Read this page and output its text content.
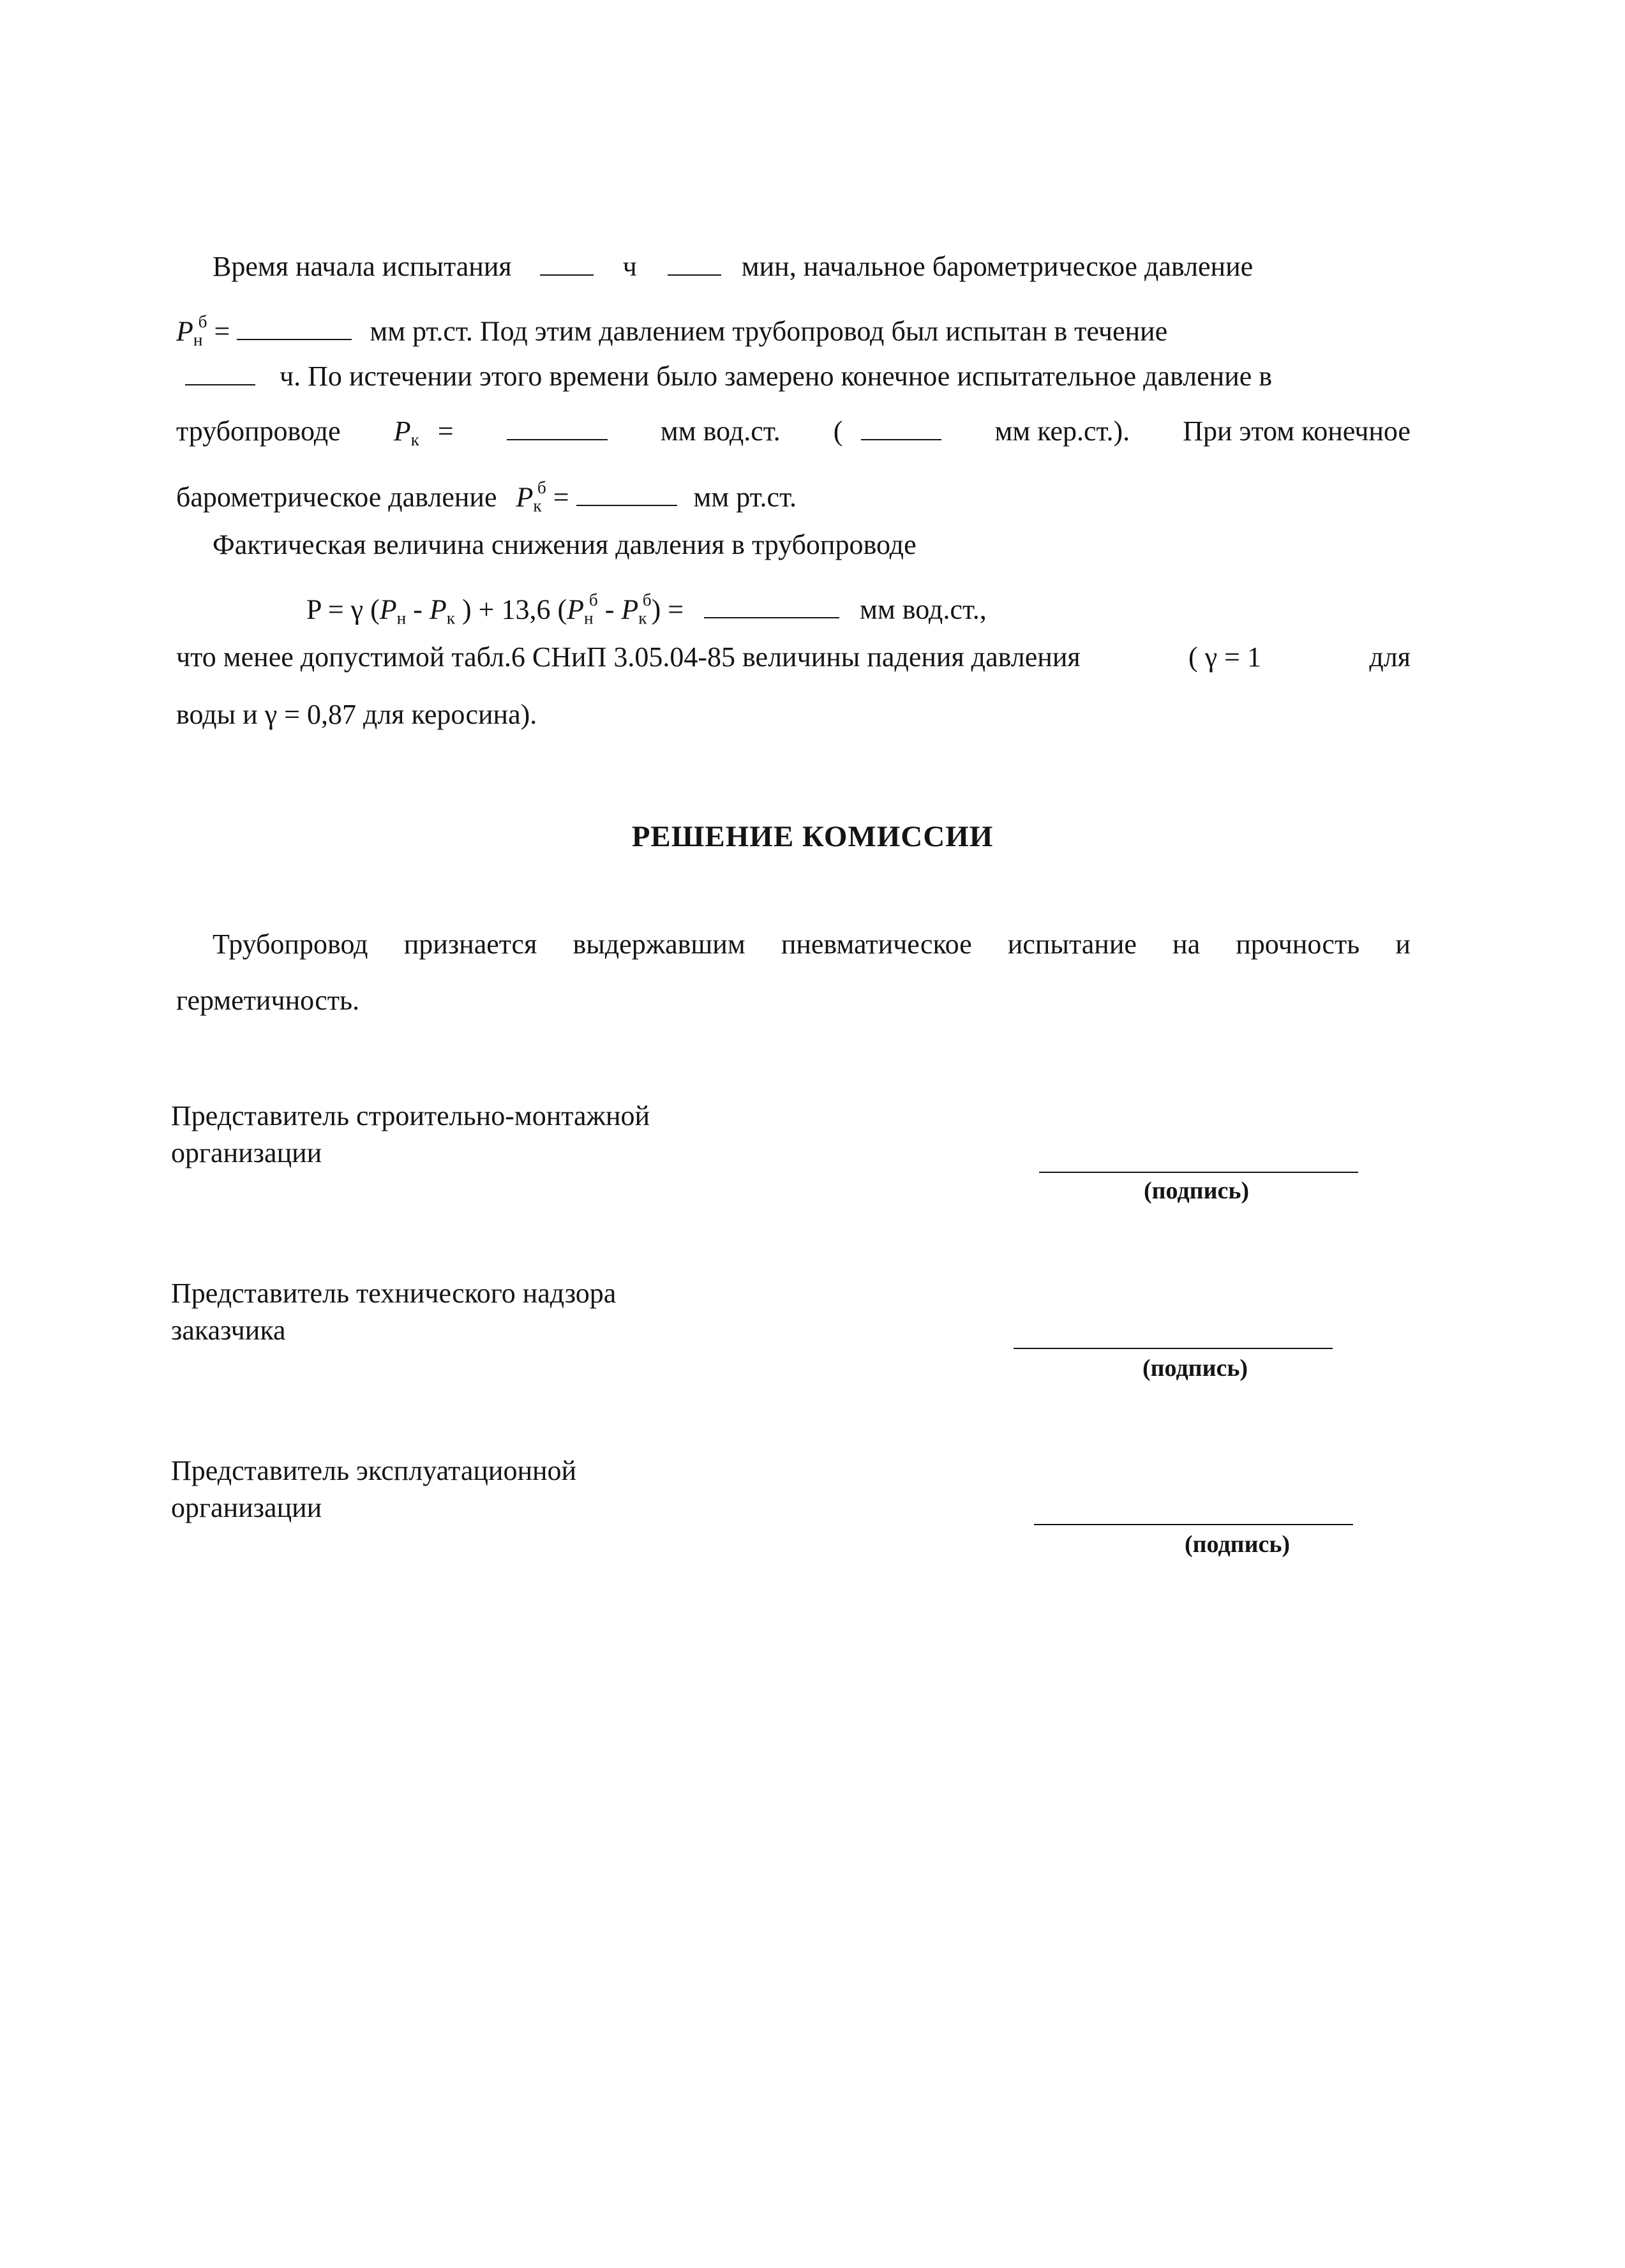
Время начала испытания	ч	мин, начальное барометрическое давление
$P_н^б$ =	мм рт.ст. Под этим давлением трубопровод был испытан в течение
ч. По истечении этого времени было замерено конечное испытательное давление в
трубопроводе $P_к$ =	мм вод.ст. (	мм кер.ст.). При этом конечное
барометрическое давление $P_к^б$ =	мм рт.ст.
Фактическая величина снижения давления в трубопроводе
P = γ ($P_н - P_к$ ) + 13,6 $(P_н^б - P_к^б)$ =	мм вод.ст.,
что менее допустимой табл.6 СНиП 3.05.04-85 величины падения давления	( γ = 1	для
воды и γ = 0,87 для керосина).
РЕШЕНИЕ КОМИССИИ
Трубопровод признается выдержавшим пневматическое испытание на прочность и
герметичность.
Представитель строительно-монтажной
организации
(подпись)
Представитель технического надзора
заказчика
(подпись)
Представитель эксплуатационной
организации
(подпись)
